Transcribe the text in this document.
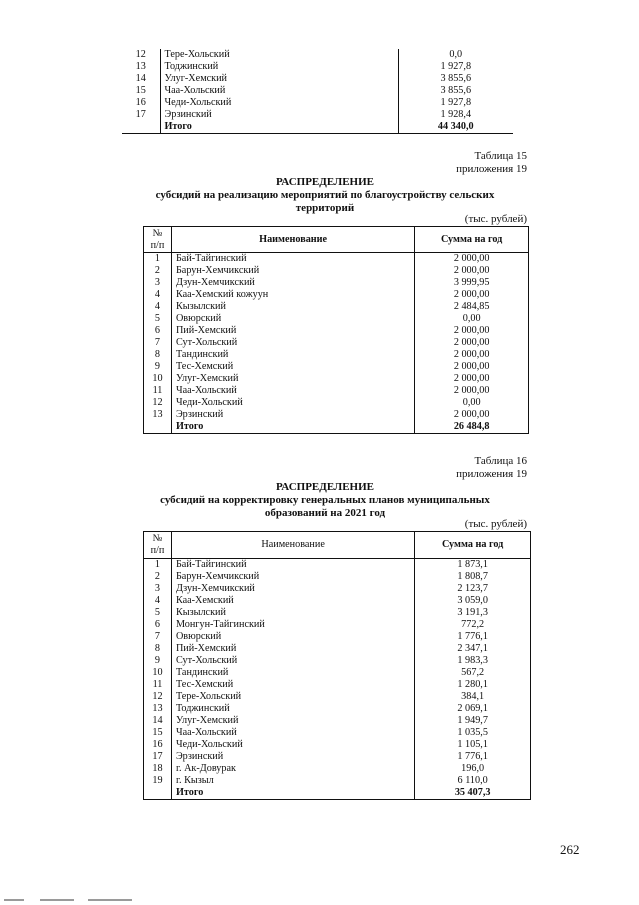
12	Тере-Хольский	0,0
13	Тоджинский	1 927,8
14	Улуг-Хемский	3 855,6
15	Чаа-Хольский	3 855,6
16	Чеди-Хольский	1 927,8
17	Эрзинский	1 928,4
	Итого	44 340,0
Таблица 15
приложения 19
РАСПРЕДЕЛЕНИЕ
субсидий на реализацию мероприятий по благоустройству сельских
территорий
(тыс. рублей)
№
п/п	Наименование	Сумма на год
1	Бай-Тайгинский	2 000,00
2	Барун-Хемчикский	2 000,00
3	Дзун-Хемчикский	3 999,95
4	Каа-Хемский кожуун	2 000,00
4	Кызылский	2 484,85
5	Овюрский	0,00
6	Пий-Хемский	2 000,00
7	Сут-Хольский	2 000,00
8	Тандинский	2 000,00
9	Тес-Хемский	2 000,00
10	Улуг-Хемский	2 000,00
11	Чаа-Хольский	2 000,00
12	Чеди-Хольский	0,00
13	Эрзинский	2 000,00
	Итого	26 484,8
Таблица 16
приложения 19
РАСПРЕДЕЛЕНИЕ
субсидий на корректировку генеральных планов муниципальных
образований на 2021 год
(тыс. рублей)
№
п/п	Наименование	Сумма на год
1	Бай-Тайгинский	1 873,1
2	Барун-Хемчикский	1 808,7
3	Дзун-Хемчикский	2 123,7
4	Каа-Хемский	3 059,0
5	Кызылский	3 191,3
6	Монгун-Тайгинский	772,2
7	Овюрский	1 776,1
8	Пий-Хемский	2 347,1
9	Сут-Хольский	1 983,3
10	Тандинский	567,2
11	Тес-Хемский	1 280,1
12	Тере-Хольский	384,1
13	Тоджинский	2 069,1
14	Улуг-Хемский	1 949,7
15	Чаа-Хольский	1 035,5
16	Чеди-Хольский	1 105,1
17	Эрзинский	1 776,1
18	г. Ак-Довурак	196,0
19	г. Кызыл	6 110,0
	Итого	35 407,3
262
